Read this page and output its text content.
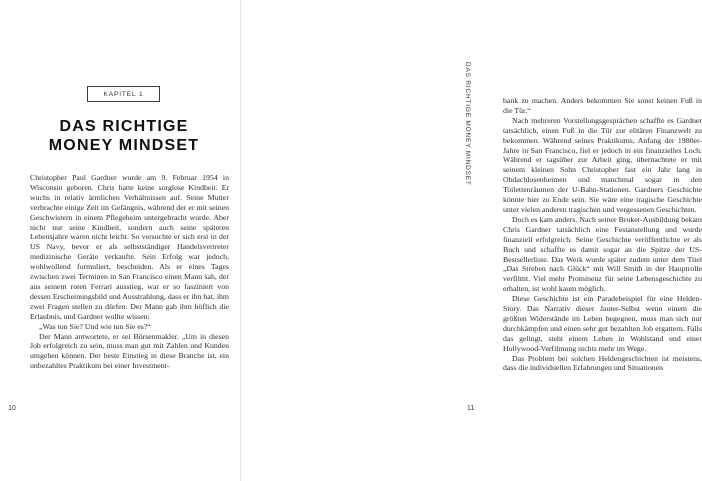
KAPITEL 1
DAS RICHTIGE
MONEY MINDSET

Christopher Paul Gardner wurde am 9. Februar 1954 in Wisconsin geboren. Chris hatte keine sorglose Kindheit. Er wuchs in relativ ärmlichen Verhältnissen auf. Seine Mutter verbrachte einige Zeit im Gefängnis, während der er mit seinen Geschwistern in einem Pflegeheim untergebracht wurde. Aber nicht nur seine Kindheit, sondern auch seine späteren Lebensjahre waren nicht leicht. So versuchte er sich erst in der US Navy, bevor er als selbstständiger Handelsvertreter medizinische Geräte verkaufte. Sein Erfolg war jedoch, wohlwollend formuliert, bescheiden. Als er eines Tages zwischen zwei Terminen in San Francisco einen Mann sah, der aus seinem roten Ferrari ausstieg, war er so fasziniert von dessen Erscheinungsbild und Ausstrahlung, dass er ihn bat, ihm zwei Fragen stellen zu dürfen. Der Mann gab ihm höflich die Erlaubnis, und Gardner wollte wissen:

„Was tun Sie? Und wie tun Sie es?“

Der Mann antwortete, er sei Börsenmakler. „Um in diesen Job erfolgreich zu sein, muss man gut mit Zahlen und Kunden umgehen können. Der beste Einstieg in diese Branche ist, ein unbezahltes Praktikum bei einer Investment-

10

bank zu machen. Anders bekommen Sie sonst keinen Fuß in die Tür.“

Nach mehreren Vorstellungsgesprächen schaffte es Gardner tatsächlich, einen Fuß in die Tür zur elitären Finanzwelt zu bekommen. Während seines Praktikums, Anfang der 1980er-Jahre in San Francisco, fiel er jedoch in ein finanzielles Loch. Während er tagsüber zur Arbeit ging, übernachtete er mit seinem kleinen Sohn Christopher fast ein Jahr lang in Obdachlosenheimen und manchmal sogar in den Toilettenräumen der U-Bahn-Stationen. Gardners Geschichte könnte hier zu Ende sein. Sie wäre eine tragische Geschichte unter vielen anderen tragischen und vergessenen Geschichten.

Doch es kam anders. Nach seiner Broker-Ausbildung bekam Chris Gardner tatsächlich eine Festanstellung und wurde finanziell erfolgreich. Seine Geschichte veröffentlichte er als Buch und schaffte es damit sogar an die Spitze der US-Bestsellerliste. Das Werk wurde später zudem unter dem Titel „Das Streben nach Glück“ mit Will Smith in der Hauptrolle verfilmt. Viel mehr Prominenz für seine Lebensgeschichte zu erhalten, ist wohl kaum möglich.

Diese Geschichte ist ein Paradebeispiel für eine Helden-Story. Das Narrativ dieser Jauter-Selbst wenn einem die größten Widerstände im Leben begegnen, muss man sich nur durchkämpfen und einen sehr gut bezahlten Job ergattern. Falls das gelingt, steht einem Leben in Wohlstand und einer Hollywood-Verfilmung nichts mehr im Wege.

Das Problem bei solchen Heldengeschichten ist meistens, dass die individuellen Erfahrungen und Situationen

DAS RICHTIGE MONEY MINDSET
11
